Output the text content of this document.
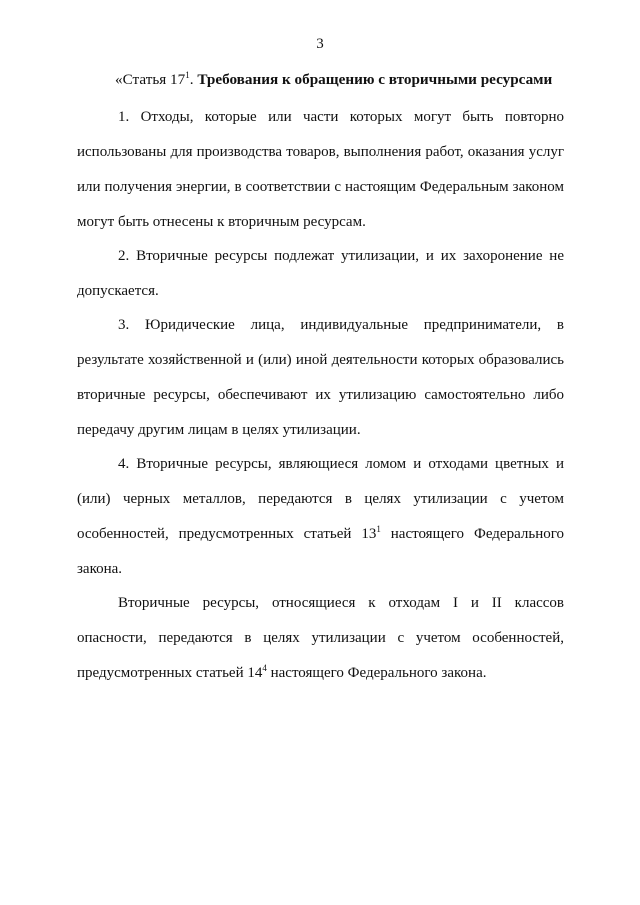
3
«Статья $17^1$. Требования к обращению с вторичными ресурсами

1. Отходы, которые или части которых могут быть повторно использованы для производства товаров, выполнения работ, оказания услуг или получения энергии, в соответствии с настоящим Федеральным законом могут быть отнесены к вторичным ресурсам.

2. Вторичные ресурсы подлежат утилизации, и их захоронение не допускается.

3. Юридические лица, индивидуальные предприниматели, в результате хозяйственной и (или) иной деятельности которых образовались вторичные ресурсы, обеспечивают их утилизацию самостоятельно либо передачу другим лицам в целях утилизации.

4. Вторичные ресурсы, являющиеся ломом и отходами цветных и (или) черных металлов, передаются в целях утилизации с учетом особенностей, предусмотренных статьей $13^1$ настоящего Федерального закона.

Вторичные ресурсы, относящиеся к отходам I и II классов опасности, передаются в целях утилизации с учетом особенностей, предусмотренных статьей $14^4$ настоящего Федерального закона.
